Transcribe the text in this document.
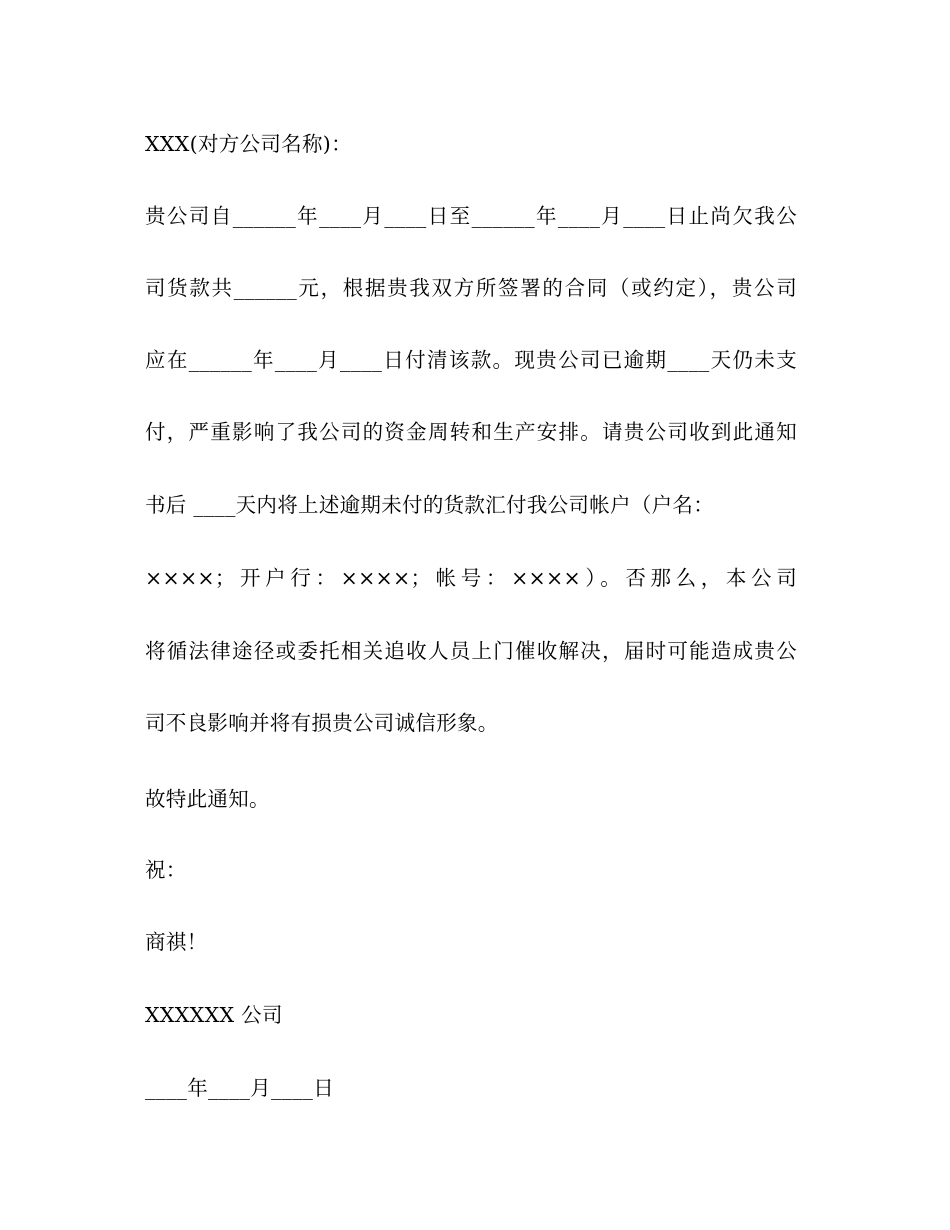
XXX(对方公司名称)：
贵公司自______年____月____日至______年____月____日止尚欠我公
司货款共______元，根据贵我双方所签署的合同（或约定），贵公司
应在______年____月____日付清该款。现贵公司已逾期____天仍未支
付，严重影响了我公司的资金周转和生产安排。请贵公司收到此通知
书后 ____天内将上述逾期未付的货款汇付我公司帐户（户名：
××××；开户行：××××；帐号：××××）。否那么，本公司
将循法律途径或委托相关追收人员上门催收解决，届时可能造成贵公
司不良影响并将有损贵公司诚信形象。
故特此通知。
祝：
商祺！
XXXXXX 公司
____年____月____日
